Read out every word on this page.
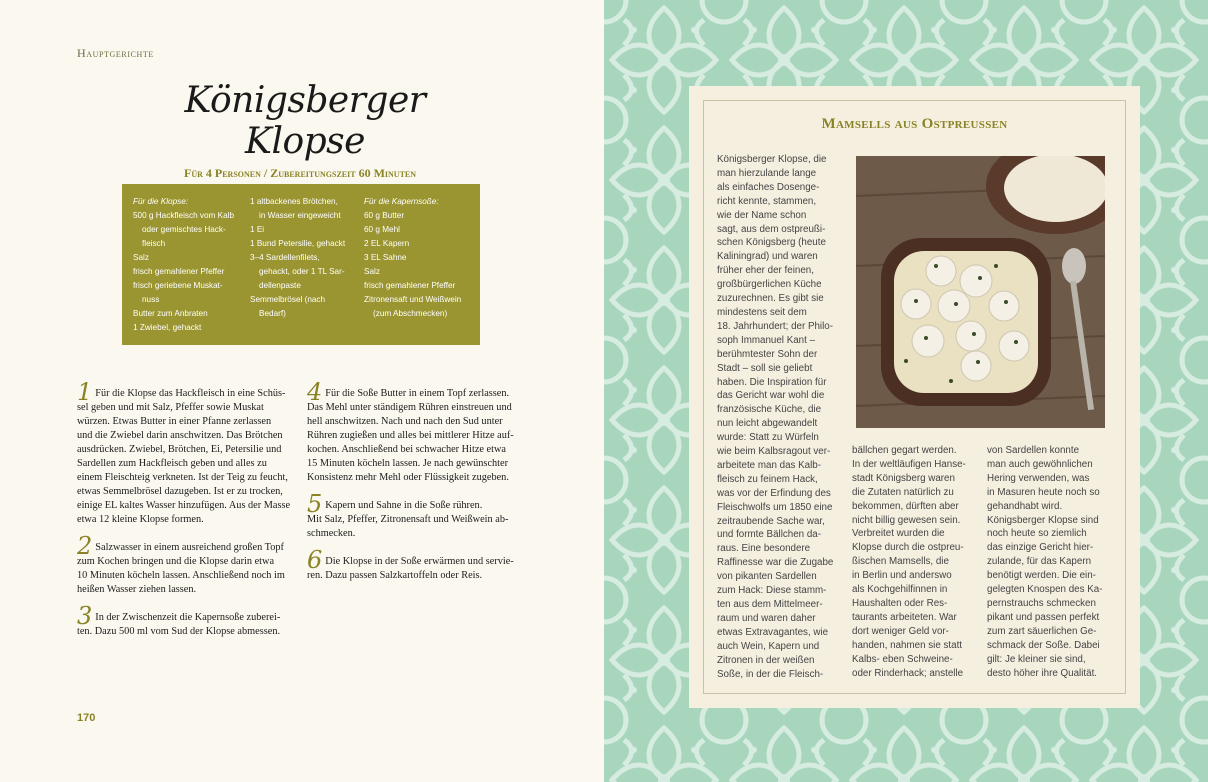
Hauptgerichte
Königsberger Klopse
Für 4 Personen / Zubereitungszeit 60 Minuten
Für die Klopse:
500 g Hackfleisch vom Kalb
oder gemischtes Hack-
fleisch
Salz
frisch gemahlener Pfeffer
frisch geriebene Muskat-
nuss
Butter zum Anbraten
1 Zwiebel, gehackt
1 altbackenes Brötchen,
in Wasser eingeweicht
1 Ei
1 Bund Petersilie, gehackt
3–4 Sardellenfilets,
gehackt, oder 1 TL Sar-
dellenpaste
Semmelbrösel (nach
Bedarf)
Für die Kapernsoße:
60 g Butter
60 g Mehl
2 EL Kapern
3 EL Sahne
Salz
frisch gemahlener Pfeffer
Zitronensaft und Weißwein
(zum Abschmecken)
1 Für die Klopse das Hackfleisch in eine Schüs-
sel geben und mit Salz, Pfeffer sowie Muskat
würzen. Etwas Butter in einer Pfanne zerlassen
und die Zwiebel darin anschwitzen. Das Brötchen
ausdrücken. Zwiebel, Brötchen, Ei, Petersilie und
Sardellen zum Hackfleisch geben und alles zu
einem Fleischteig verkneten. Ist der Teig zu feucht,
etwas Semmelbrösel dazugeben. Ist er zu trocken,
einige EL kaltes Wasser hinzufügen. Aus der Masse
etwa 12 kleine Klopse formen.
2 Salzwasser in einem ausreichend großen Topf
zum Kochen bringen und die Klopse darin etwa
10 Minuten köcheln lassen. Anschließend noch im
heißen Wasser ziehen lassen.
3 In der Zwischenzeit die Kapernsoße zuberei-
ten. Dazu 500 ml vom Sud der Klopse abmessen.
4 Für die Soße Butter in einem Topf zerlassen.
Das Mehl unter ständigem Rühren einstreuen und
hell anschwitzen. Nach und nach den Sud unter
Rühren zugießen und alles bei mittlerer Hitze auf-
kochen. Anschließend bei schwacher Hitze etwa
15 Minuten köcheln lassen. Je nach gewünschter
Konsistenz mehr Mehl oder Flüssigkeit zugeben.
5 Kapern und Sahne in die Soße rühren.
Mit Salz, Pfeffer, Zitronensaft und Weißwein ab-
schmecken.
6 Die Klopse in der Soße erwärmen und servie-
ren. Dazu passen Salzkartoffeln oder Reis.
170
Mamsells aus Ostpreussen
Königsberger Klopse, die
man hierzulande lange
als einfaches Dosenge-
richt kennte, stammen,
wie der Name schon
sagt, aus dem ostpreußi-
schen Königsberg (heute
Kaliningrad) und waren
früher eher der feinen,
großbürgerlichen Küche
zuzurechnen. Es gibt sie
mindestens seit dem
18. Jahrhundert; der Philo-
soph Immanuel Kant –
berühmtester Sohn der
Stadt – soll sie geliebt
haben. Die Inspiration für
das Gericht war wohl die
französische Küche, die
nun leicht abgewandelt
wurde: Statt zu Würfeln
wie beim Kalbsragout ver-
arbeitete man das Kalb-
fleisch zu feinem Hack,
was vor der Erfindung des
Fleischwolfs um 1850 eine
zeitraubende Sache war,
und formte Bällchen da-
raus. Eine besondere
Raffinesse war die Zugabe
von pikanten Sardellen
zum Hack: Diese stamm-
ten aus dem Mittelmeer-
raum und waren daher
etwas Extravagantes, wie
auch Wein, Kapern und
Zitronen in der weißen
Soße, in der die Fleisch-
bällchen gegart werden.
In der weltläufigen Hanse-
stadt Königsberg waren
die Zutaten natürlich zu
bekommen, dürften aber
nicht billig gewesen sein.
Verbreitet wurden die
Klopse durch die ostpreu-
ßischen Mamsells, die
in Berlin und anderswo
als Kochgehilfinnen in
Haushalten oder Res-
taurants arbeiteten. War
dort weniger Geld vor-
handen, nahmen sie statt
Kalbs- eben Schweine-
oder Rinderhack; anstelle
von Sardellen konnte
man auch gewöhnlichen
Hering verwenden, was
in Masuren heute noch so
gehandhabt wird.
Königsberger Klopse sind
noch heute so ziemlich
das einzige Gericht hier-
zulande, für das Kapern
benötigt werden. Die ein-
gelegten Knospen des Ka-
pernstrauchs schmecken
pikant und passen perfekt
zum zart säuerlichen Ge-
schmack der Soße. Dabei
gilt: Je kleiner sie sind,
desto höher ihre Qualität.
